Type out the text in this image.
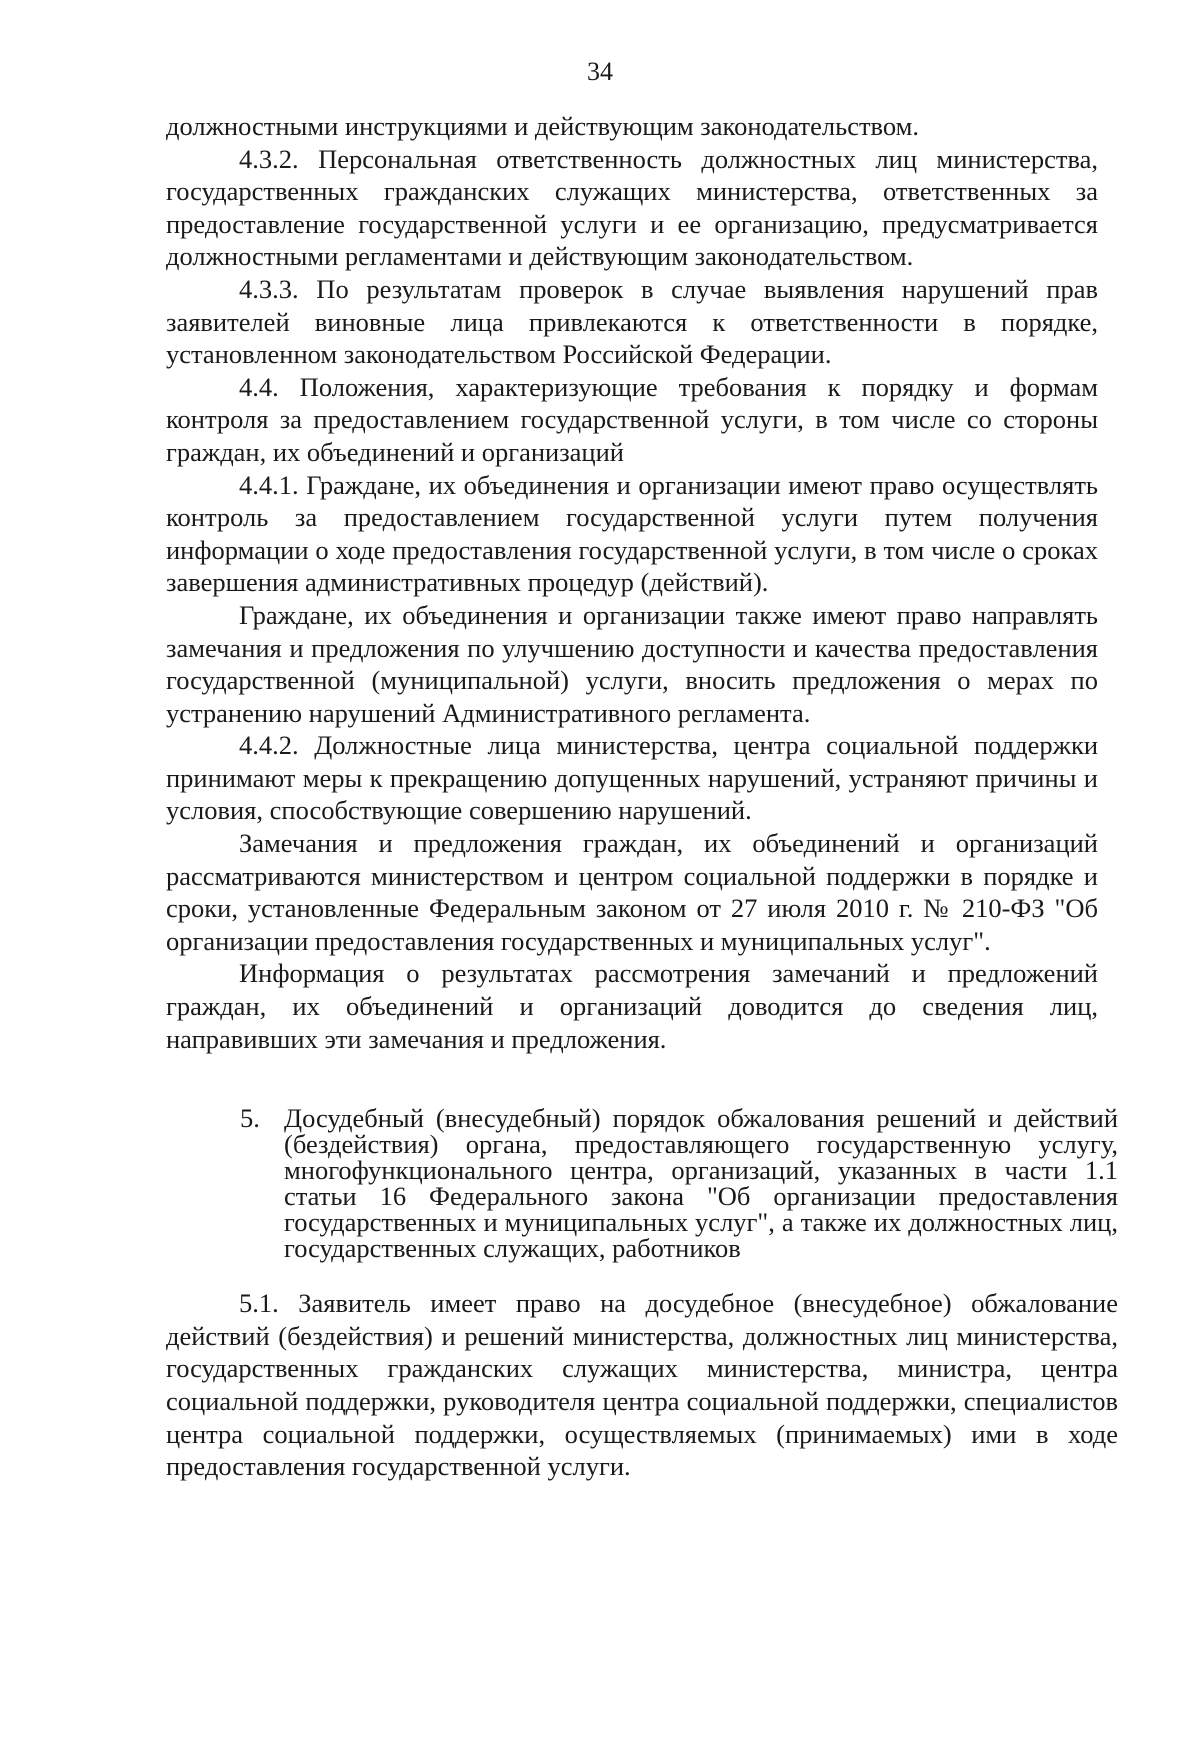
34

должностными инструкциями и действующим законодательством.

4.3.2. Персональная ответственность должностных лиц министерства, государственных гражданских служащих министерства, ответственных за предоставление государственной услуги и ее организацию, предусматривается должностными регламентами и действующим законодательством.

4.3.3. По результатам проверок в случае выявления нарушений прав заявителей виновные лица привлекаются к ответственности в порядке, установленном законодательством Российской Федерации.

4.4. Положения, характеризующие требования к порядку и формам контроля за предоставлением государственной услуги, в том числе со стороны граждан, их объединений и организаций

4.4.1. Граждане, их объединения и организации имеют право осуществлять контроль за предоставлением государственной услуги путем получения информации о ходе предоставления государственной услуги, в том числе о сроках завершения административных процедур (действий).

Граждане, их объединения и организации также имеют право направлять замечания и предложения по улучшению доступности и качества предоставления государственной (муниципальной) услуги, вносить предложения о мерах по устранению нарушений Административного регламента.

4.4.2. Должностные лица министерства, центра социальной поддержки принимают меры к прекращению допущенных нарушений, устраняют причины и условия, способствующие совершению нарушений.

Замечания и предложения граждан, их объединений и организаций рассматриваются министерством и центром социальной поддержки в порядке и сроки, установленные Федеральным законом от 27 июля 2010 г. № 210-ФЗ "Об организации предоставления государственных и муниципальных услуг".

Информация о результатах рассмотрения замечаний и предложений граждан, их объединений и организаций доводится до сведения лиц, направивших эти замечания и предложения.

5. Досудебный (внесудебный) порядок обжалования решений и действий (бездействия) органа, предоставляющего государственную услугу, многофункционального центра, организаций, указанных в части 1.1 статьи 16 Федерального закона "Об организации предоставления государственных и муниципальных услуг", а также их должностных лиц, государственных служащих, работников

5.1. Заявитель имеет право на досудебное (внесудебное) обжалование действий (бездействия) и решений министерства, должностных лиц министерства, государственных гражданских служащих министерства, министра, центра социальной поддержки, руководителя центра социальной поддержки, специалистов центра социальной поддержки, осуществляемых (принимаемых) ими в ходе предоставления государственной услуги.
